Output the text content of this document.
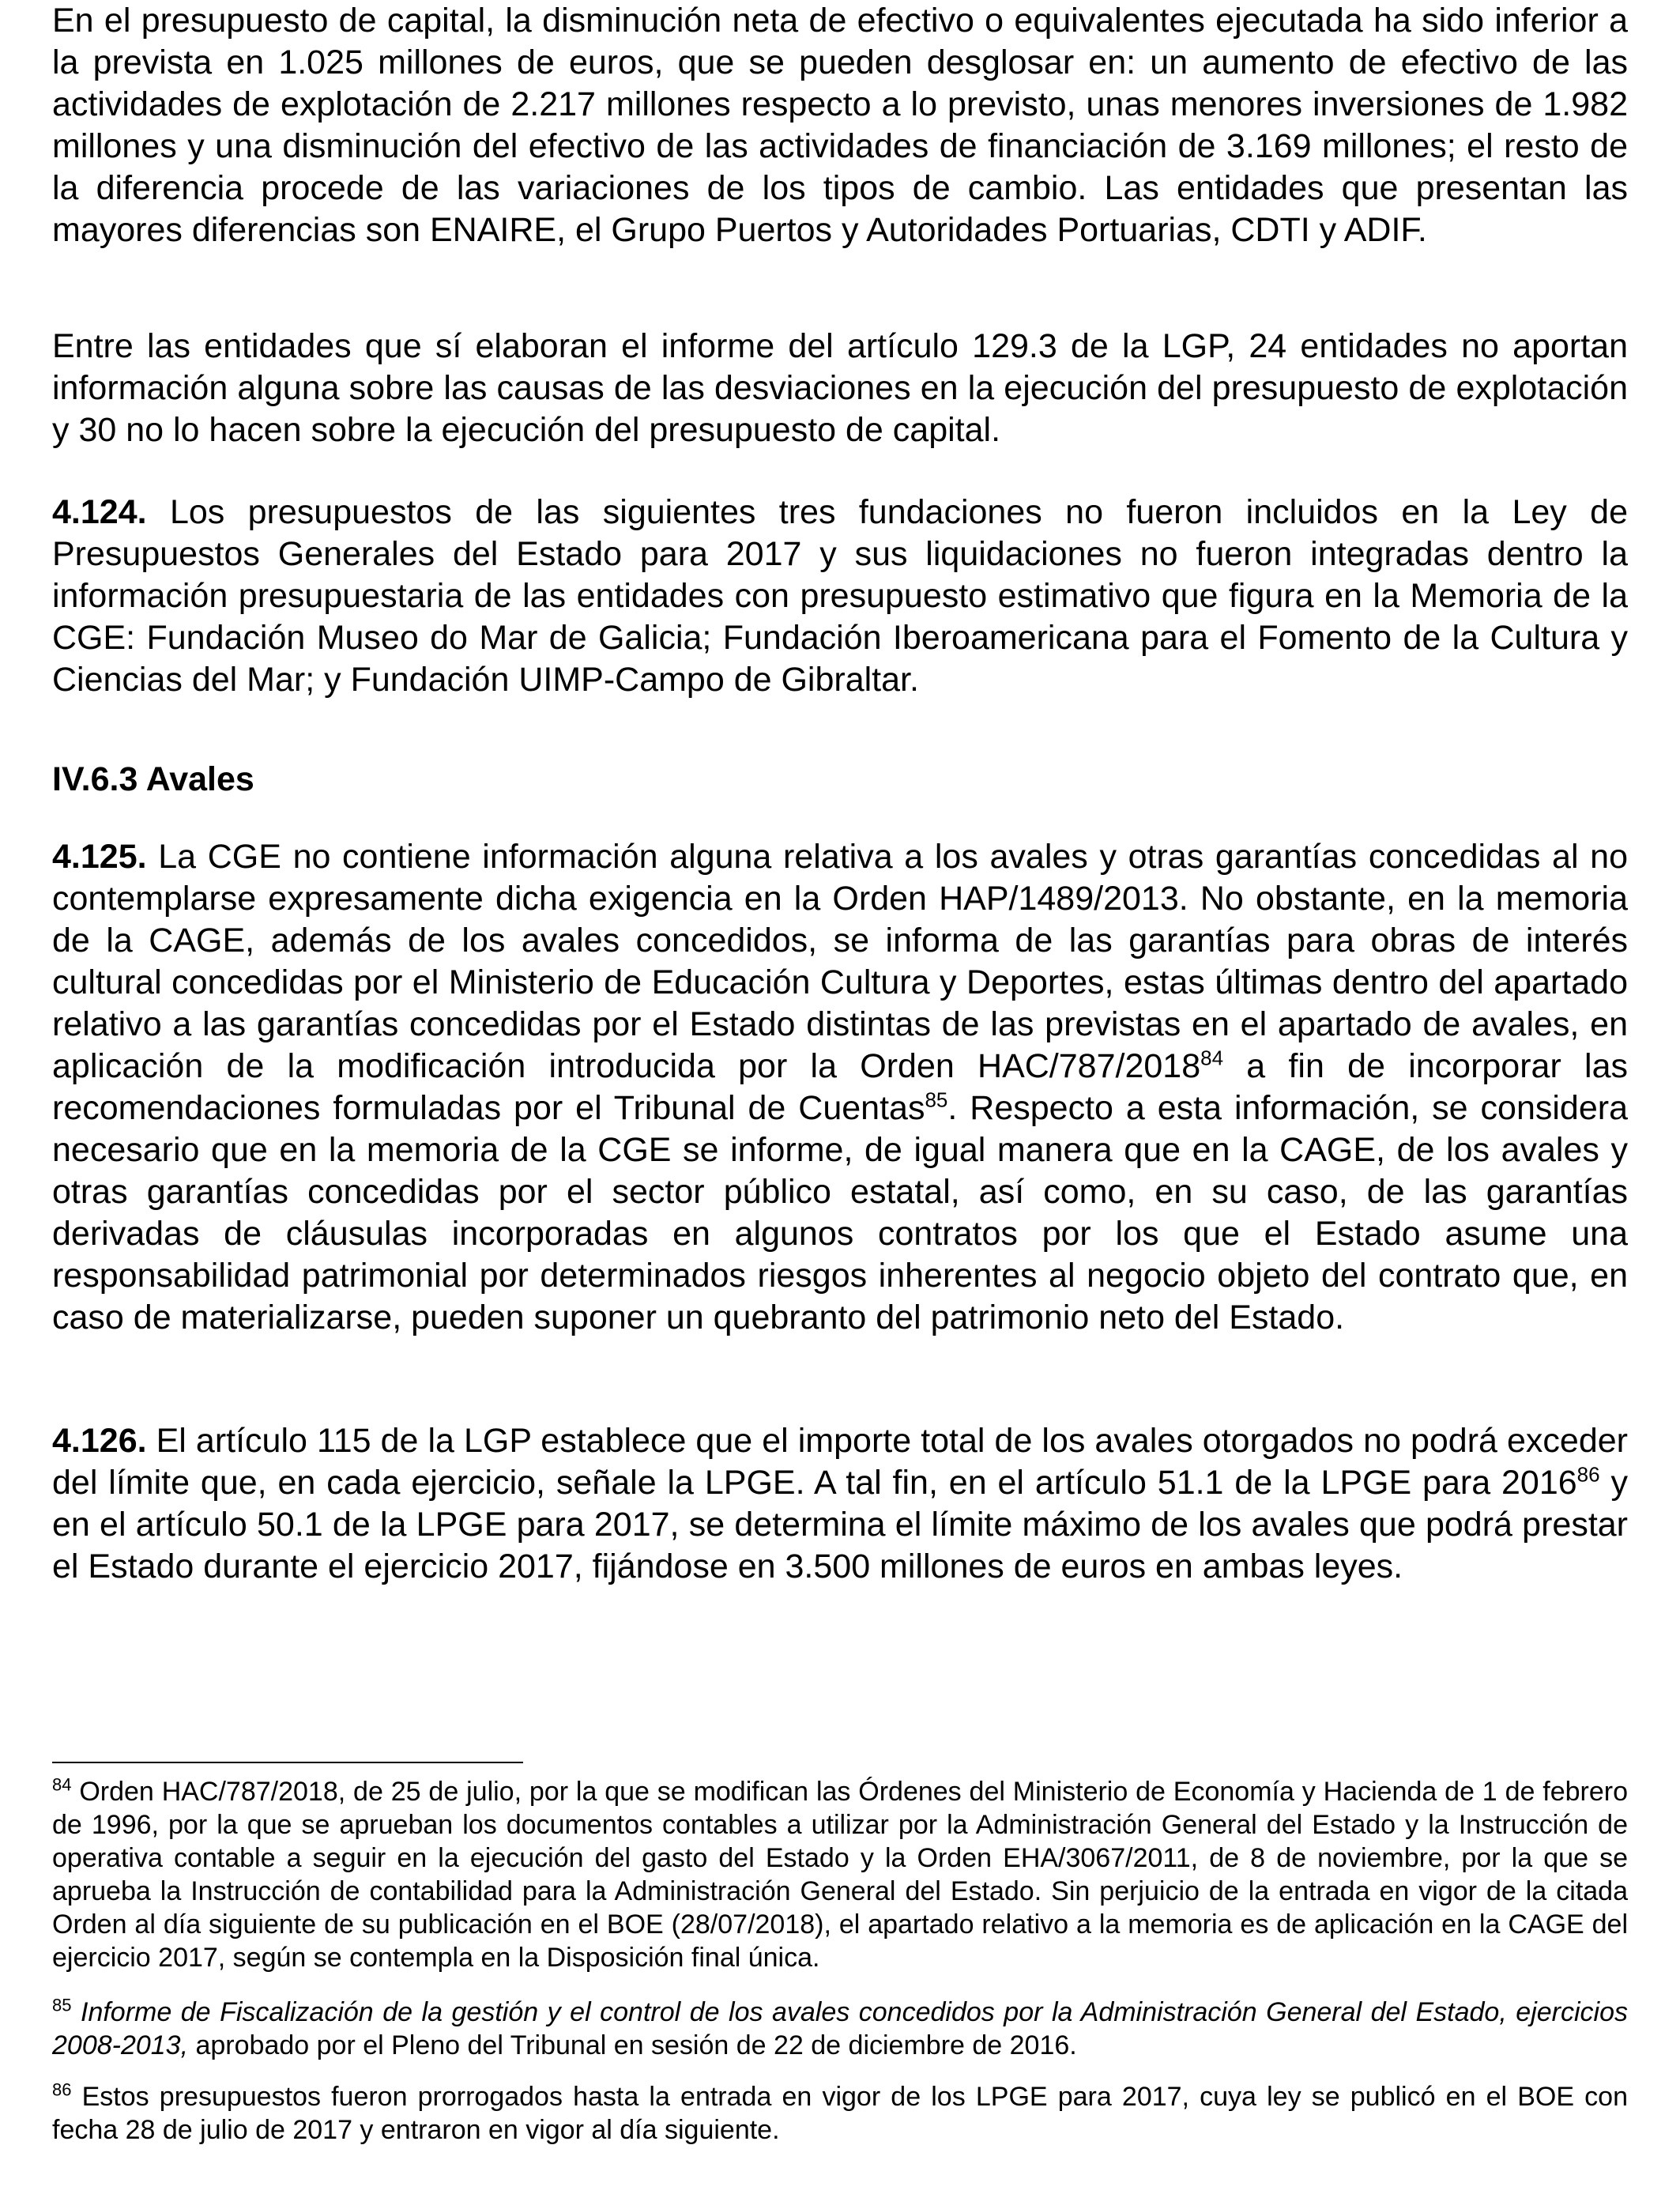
En el presupuesto de capital, la disminución neta de efectivo o equivalentes ejecutada ha sido inferior a la prevista en 1.025 millones de euros, que se pueden desglosar en: un aumento de efectivo de las actividades de explotación de 2.217 millones respecto a lo previsto, unas menores inversiones de 1.982 millones y una disminución del efectivo de las actividades de financiación de 3.169 millones; el resto de la diferencia procede de las variaciones de los tipos de cambio. Las entidades que presentan las mayores diferencias son ENAIRE, el Grupo Puertos y Autoridades Portuarias, CDTI y ADIF.

Entre las entidades que sí elaboran el informe del artículo 129.3 de la LGP, 24 entidades no aportan información alguna sobre las causas de las desviaciones en la ejecución del presupuesto de explotación y 30 no lo hacen sobre la ejecución del presupuesto de capital.

4.124. Los presupuestos de las siguientes tres fundaciones no fueron incluidos en la Ley de Presupuestos Generales del Estado para 2017 y sus liquidaciones no fueron integradas dentro la información presupuestaria de las entidades con presupuesto estimativo que figura en la Memoria de la CGE: Fundación Museo do Mar de Galicia; Fundación Iberoamericana para el Fomento de la Cultura y Ciencias del Mar; y Fundación UIMP-Campo de Gibraltar.

IV.6.3 Avales

4.125. La CGE no contiene información alguna relativa a los avales y otras garantías concedidas al no contemplarse expresamente dicha exigencia en la Orden HAP/1489/2013. No obstante, en la memoria de la CAGE, además de los avales concedidos, se informa de las garantías para obras de interés cultural concedidas por el Ministerio de Educación Cultura y Deportes, estas últimas dentro del apartado relativo a las garantías concedidas por el Estado distintas de las previstas en el apartado de avales, en aplicación de la modificación introducida por la Orden HAC/787/2018$^{84}$ a fin de incorporar las recomendaciones formuladas por el Tribunal de Cuentas$^{85}$. Respecto a esta información, se considera necesario que en la memoria de la CGE se informe, de igual manera que en la CAGE, de los avales y otras garantías concedidas por el sector público estatal, así como, en su caso, de las garantías derivadas de cláusulas incorporadas en algunos contratos por los que el Estado asume una responsabilidad patrimonial por determinados riesgos inherentes al negocio objeto del contrato que, en caso de materializarse, pueden suponer un quebranto del patrimonio neto del Estado.

4.126. El artículo 115 de la LGP establece que el importe total de los avales otorgados no podrá exceder del límite que, en cada ejercicio, señale la LPGE. A tal fin, en el artículo 51.1 de la LPGE para 2016$^{86}$ y en el artículo 50.1 de la LPGE para 2017, se determina el límite máximo de los avales que podrá prestar el Estado durante el ejercicio 2017, fijándose en 3.500 millones de euros en ambas leyes.

$^{84}$ Orden HAC/787/2018, de 25 de julio, por la que se modifican las Órdenes del Ministerio de Economía y Hacienda de 1 de febrero de 1996, por la que se aprueban los documentos contables a utilizar por la Administración General del Estado y la Instrucción de operativa contable a seguir en la ejecución del gasto del Estado y la Orden EHA/3067/2011, de 8 de noviembre, por la que se aprueba la Instrucción de contabilidad para la Administración General del Estado. Sin perjuicio de la entrada en vigor de la citada Orden al día siguiente de su publicación en el BOE (28/07/2018), el apartado relativo a la memoria es de aplicación en la CAGE del ejercicio 2017, según se contempla en la Disposición final única.

$^{85}$ Informe de Fiscalización de la gestión y el control de los avales concedidos por la Administración General del Estado, ejercicios 2008-2013, aprobado por el Pleno del Tribunal en sesión de 22 de diciembre de 2016.

$^{86}$ Estos presupuestos fueron prorrogados hasta la entrada en vigor de los LPGE para 2017, cuya ley se publicó en el BOE con fecha 28 de julio de 2017 y entraron en vigor al día siguiente.
